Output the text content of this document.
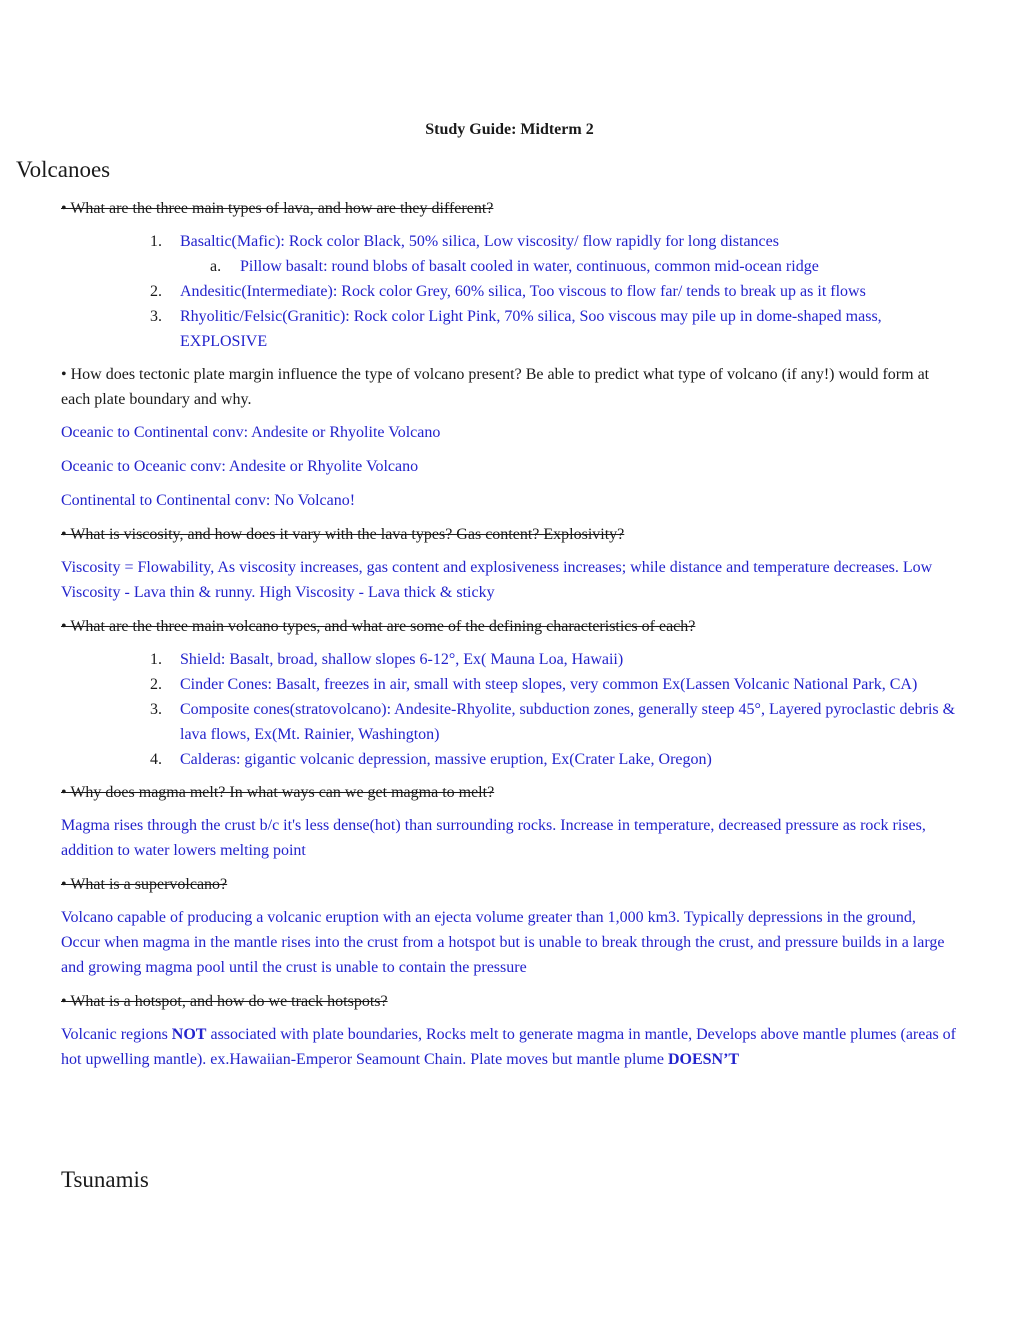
Study Guide: Midterm 2
Volcanoes

• What are the three main types of lava, and how are they different?

1. Basaltic(Mafic): Rock color Black, 50% silica, Low viscosity/ flow rapidly for long distances
a. Pillow basalt: round blobs of basalt cooled in water, continuous, common mid-ocean ridge
2. Andesitic(Intermediate): Rock color Grey, 60% silica, Too viscous to flow far/ tends to break up as it flows
3. Rhyolitic/Felsic(Granitic): Rock color Light Pink, 70% silica, Soo viscous may pile up in dome-shaped mass, EXPLOSIVE

• How does tectonic plate margin influence the type of volcano present? Be able to predict what type of volcano (if any!) would form at each plate boundary and why.

Oceanic to Continental conv: Andesite or Rhyolite Volcano

Oceanic to Oceanic conv: Andesite or Rhyolite Volcano

Continental to Continental conv: No Volcano!

• What is viscosity, and how does it vary with the lava types? Gas content? Explosivity?

Viscosity = Flowability, As viscosity increases, gas content and explosiveness increases; while distance and temperature decreases. Low Viscosity - Lava thin & runny. High Viscosity - Lava thick & sticky

• What are the three main volcano types, and what are some of the defining characteristics of each?

1. Shield: Basalt, broad, shallow slopes 6-12°, Ex( Mauna Loa, Hawaii)
2. Cinder Cones: Basalt, freezes in air, small with steep slopes, very common Ex(Lassen Volcanic National Park, CA)
3. Composite cones(stratovolcano): Andesite-Rhyolite, subduction zones, generally steep 45°, Layered pyroclastic debris & lava flows, Ex(Mt. Rainier, Washington)
4. Calderas: gigantic volcanic depression, massive eruption, Ex(Crater Lake, Oregon)

• Why does magma melt? In what ways can we get magma to melt?

Magma rises through the crust b/c it's less dense(hot) than surrounding rocks. Increase in temperature, decreased pressure as rock rises, addition to water lowers melting point

• What is a supervolcano?

Volcano capable of producing a volcanic eruption with an ejecta volume greater than 1,000 km3. Typically depressions in the ground, Occur when magma in the mantle rises into the crust from a hotspot but is unable to break through the crust, and pressure builds in a large and growing magma pool until the crust is unable to contain the pressure

• What is a hotspot, and how do we track hotspots?

Volcanic regions NOT associated with plate boundaries, Rocks melt to generate magma in mantle, Develops above mantle plumes (areas of hot upwelling mantle). ex.Hawaiian-Emperor Seamount Chain. Plate moves but mantle plume DOESN’T

Tsunamis
